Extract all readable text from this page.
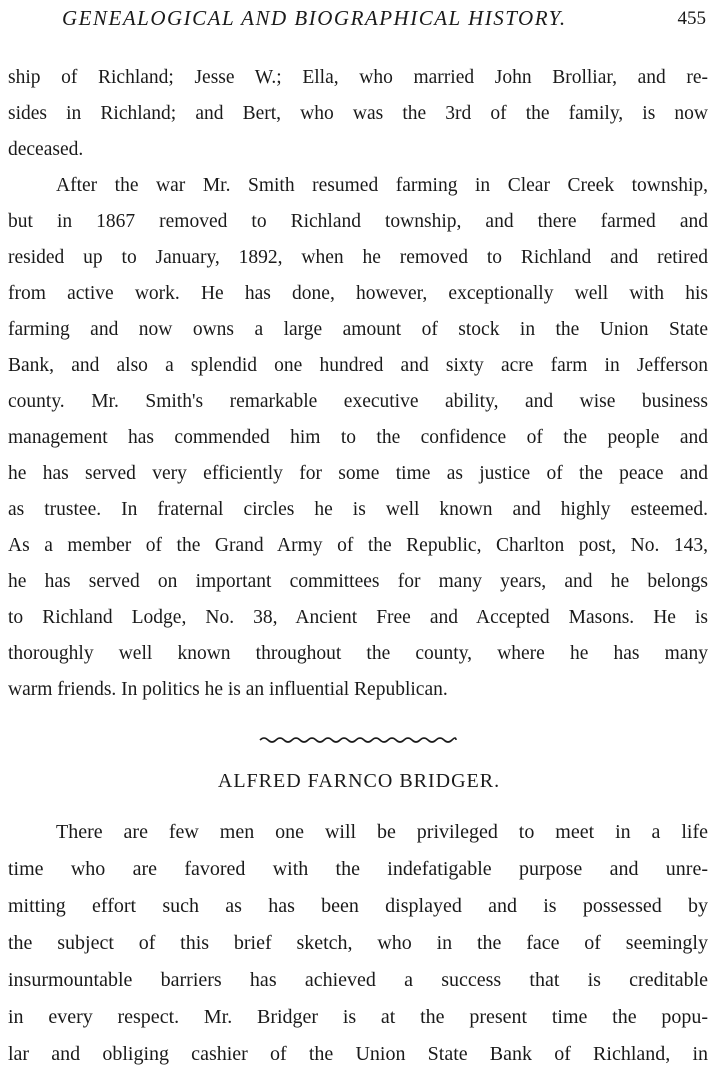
GENEALOGICAL AND BIOGRAPHICAL HISTORY.	455
ship of Richland; Jesse W.; Ella, who married John Brolliar, and re-
sides in Richland; and Bert, who was the 3rd of the family, is now
deceased.
After the war Mr. Smith resumed farming in Clear Creek township,
but in 1867 removed to Richland township, and there farmed and
resided up to January, 1892, when he removed to Richland and retired
from active work. He has done, however, exceptionally well with his
farming and now owns a large amount of stock in the Union State
Bank, and also a splendid one hundred and sixty acre farm in Jefferson
county. Mr. Smith's remarkable executive ability, and wise business
management has commended him to the confidence of the people and
he has served very efficiently for some time as justice of the peace and
as trustee. In fraternal circles he is well known and highly esteemed.
As a member of the Grand Army of the Republic, Charlton post, No. 143,
he has served on important committees for many years, and he belongs
to Richland Lodge, No. 38, Ancient Free and Accepted Masons. He is
thoroughly well known throughout the county, where he has many
warm friends. In politics he is an influential Republican.
ALFRED FARNCO BRIDGER.
There are few men one will be privileged to meet in a life
time who are favored with the indefatigable purpose and unre-
mitting effort such as has been displayed and is possessed by
the subject of this brief sketch, who in the face of seemingly
insurmountable barriers has achieved a success that is creditable
in every respect. Mr. Bridger is at the present time the popu-
lar and obliging cashier of the Union State Bank of Richland, in
